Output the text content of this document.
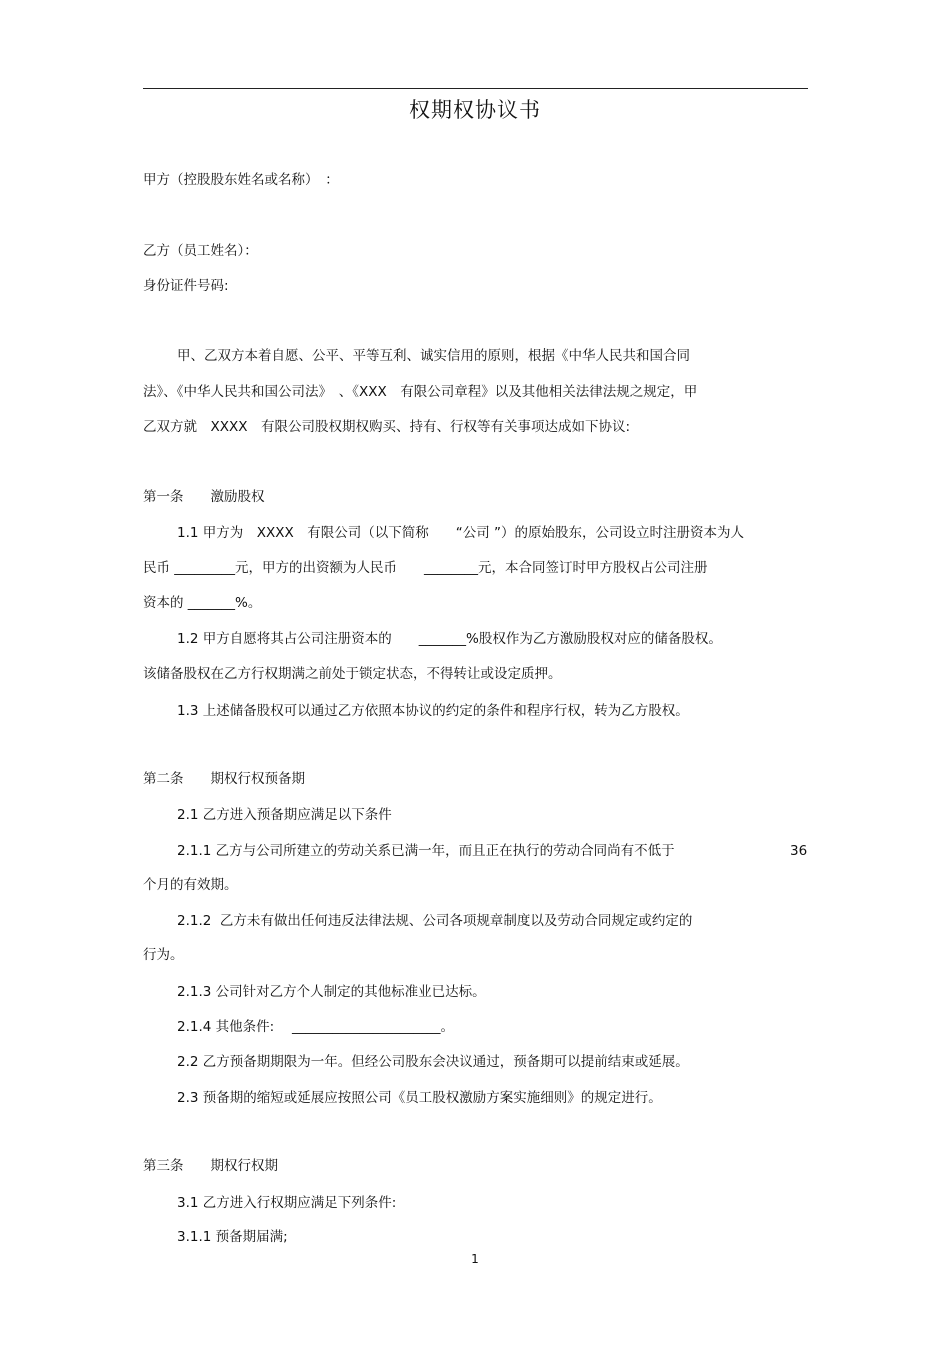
权期权协议书
甲方（控股股东姓名或名称）　：
乙方（员工姓名）：
身份证件号码:
甲、乙双方本着自愿、公平、平等互利、诚实信用的原则，根据《中华人民共和国合同
法》、《中华人民共和国公司法》　、《XXX　有限公司章程》以及其他相关法律法规之规定，甲
乙双方就　XXXX　有限公司股权期权购买、持有、行权等有关事项达成如下协议:
第一条　　激励股权
1.1 甲方为　XXXX　有限公司（以下简称　　“公司 ”）的原始股东，公司设立时注册资本为人
民币 _________元，甲方的出资额为人民币　　________元，本合同签订时甲方股权占公司注册
资本的 _______%。
1.2 甲方自愿将其占公司注册资本的　　_______%股权作为乙方激励股权对应的储备股权。
该储备股权在乙方行权期满之前处于锁定状态，不得转让或设定质押。
1.3 上述储备股权可以通过乙方依照本协议的约定的条件和程序行权，转为乙方股权。
第二条　　期权行权预备期
2.1 乙方进入预备期应满足以下条件
2.1.1 乙方与公司所建立的劳动关系已满一年，而且正在执行的劳动合同尚有不低于	36
个月的有效期。
2.1.2  乙方未有做出任何违反法律法规、公司各项规章制度以及劳动合同规定或约定的
行为。
2.1.3 公司针对乙方个人制定的其他标准业已达标。
2.1.4 其他条件:　 ______________________。
2.2 乙方预备期期限为一年。但经公司股东会决议通过，预备期可以提前结束或延展。
2.3 预备期的缩短或延展应按照公司《员工股权激励方案实施细则》的规定进行。
第三条　　期权行权期
3.1 乙方进入行权期应满足下列条件:
3.1.1 预备期届满;
1
